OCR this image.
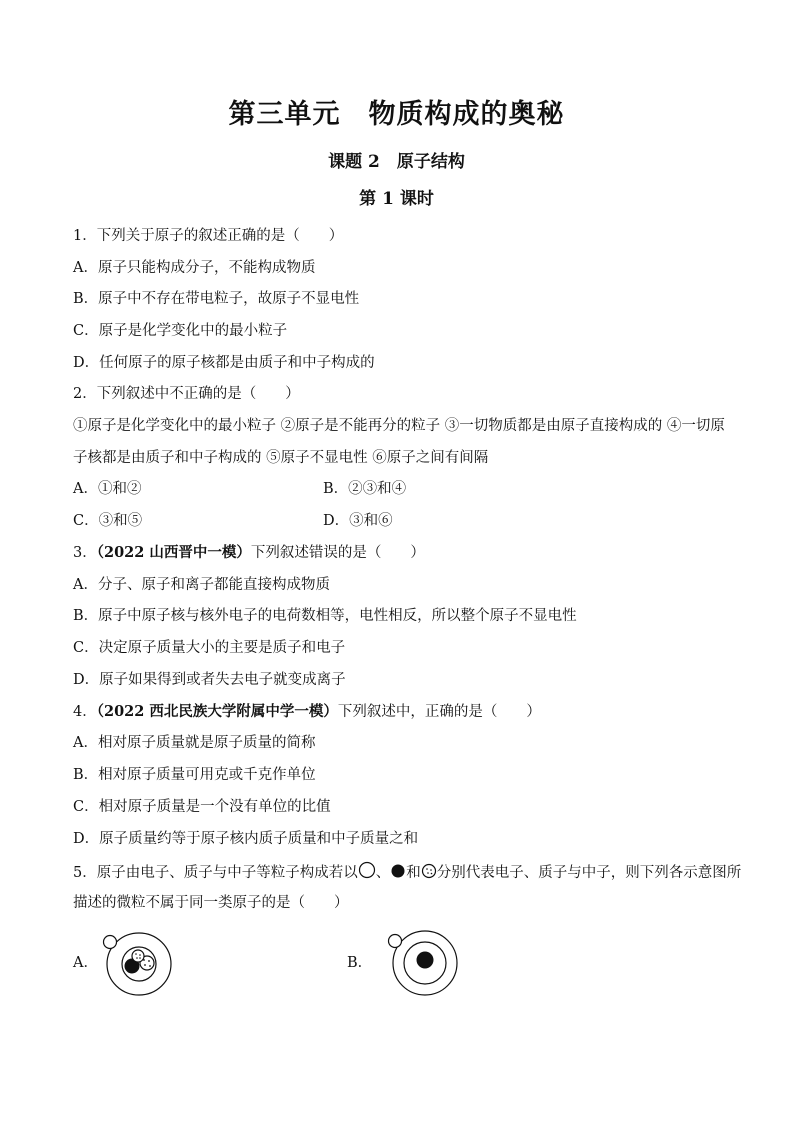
第三单元　物质构成的奥秘
课题 2　原子结构
第 1 课时
1．下列关于原子的叙述正确的是（　　）
A．原子只能构成分子，不能构成物质
B．原子中不存在带电粒子，故原子不显电性
C．原子是化学变化中的最小粒子
D．任何原子的原子核都是由质子和中子构成的
2．下列叙述中不正确的是（　　）
①原子是化学变化中的最小粒子 ②原子是不能再分的粒子 ③一切物质都是由原子直接构成的 ④一切原
子核都是由质子和中子构成的 ⑤原子不显电性 ⑥原子之间有间隔
A．①和②	B．②③和④
C．③和⑤	D．③和⑥
3．（2022 山西晋中一模）下列叙述错误的是（　　）
A．分子、原子和离子都能直接构成物质
B．原子中原子核与核外电子的电荷数相等，电性相反，所以整个原子不显电性
C．决定原子质量大小的主要是质子和电子
D．原子如果得到或者失去电子就变成离子
4．（2022 西北民族大学附属中学一模）下列叙述中，正确的是（　　）
A．相对原子质量就是原子质量的简称
B．相对原子质量可用克或千克作单位
C．相对原子质量是一个没有单位的比值
D．原子质量约等于原子核内质子质量和中子质量之和
5．原子由电子、质子与中子等粒子构成若以 、 和 分别代表电子、质子与中子，则下列各示意图所
描述的微粒不属于同一类原子的是（　　）
A．	B．
